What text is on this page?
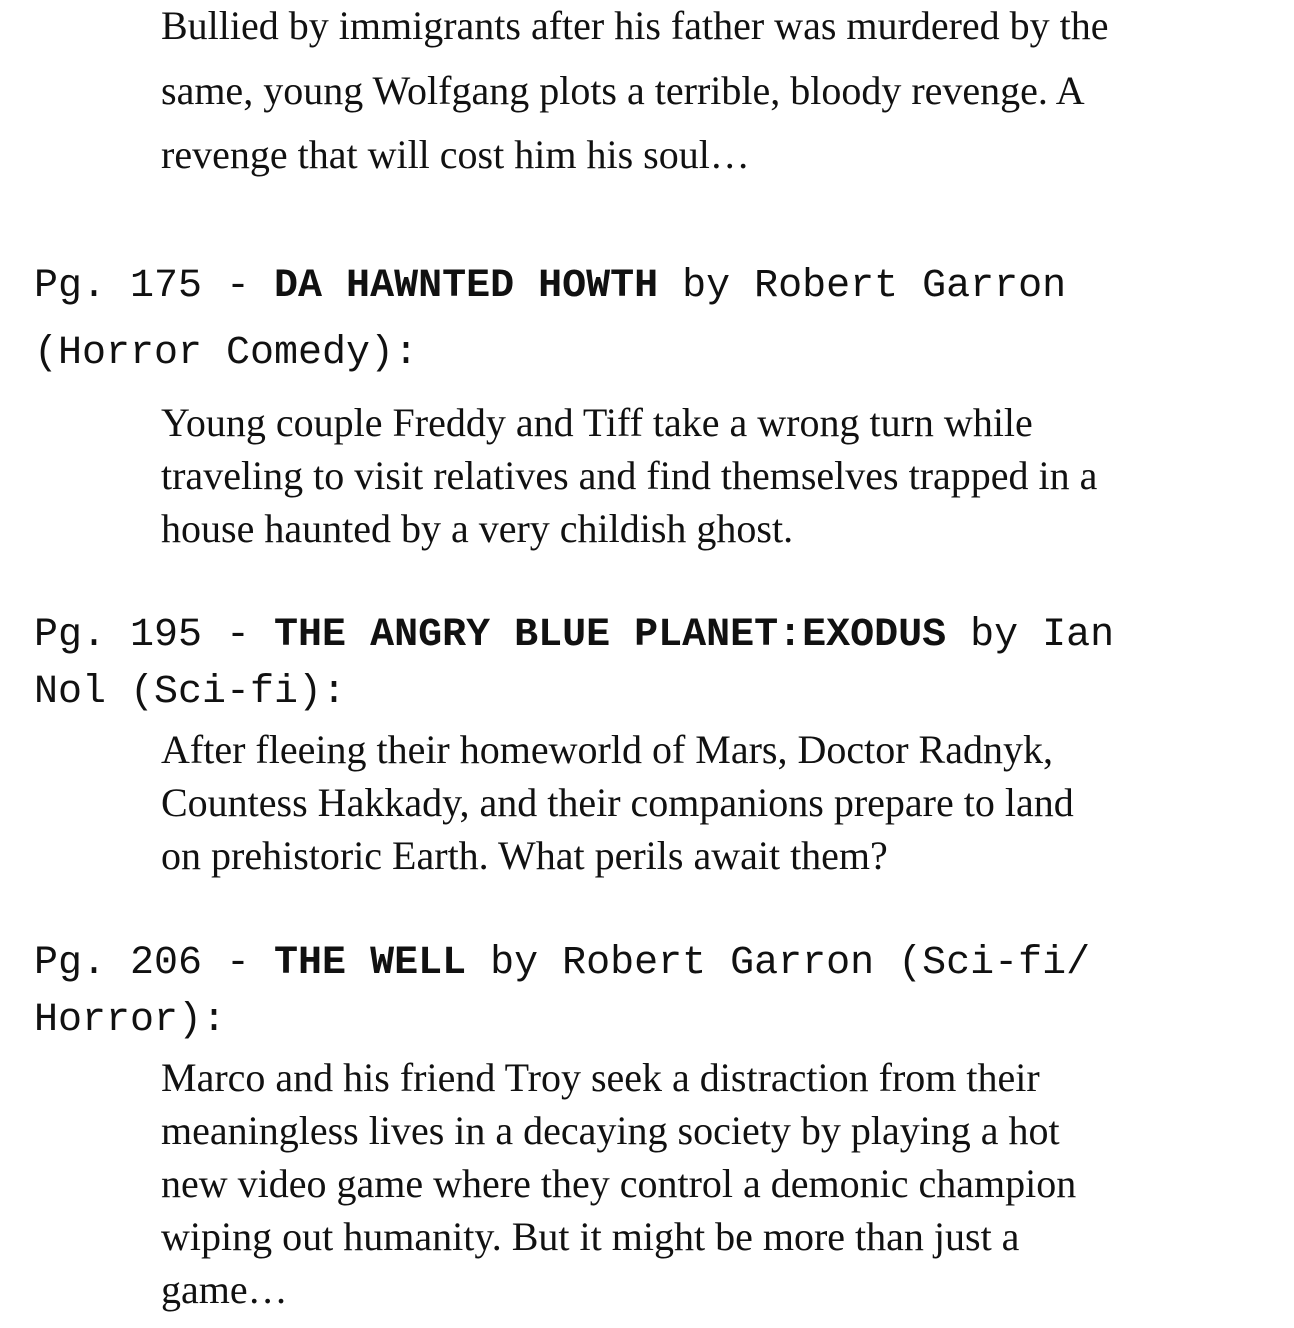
Bullied by immigrants after his father was murdered by the

same, young Wolfgang plots a terrible, bloody revenge. A

revenge that will cost him his soul…

Pg. 175 - DA HAWNTED HOWTH by Robert Garron

(Horror Comedy):

Young couple Freddy and Tiff take a wrong turn while

traveling to visit relatives and find themselves trapped in a

house haunted by a very childish ghost.

Pg. 195 - THE ANGRY BLUE PLANET:EXODUS by Ian

Nol (Sci-fi):

After fleeing their homeworld of Mars, Doctor Radnyk,

Countess Hakkady, and their companions prepare to land

on prehistoric Earth. What perils await them?

Pg. 206 - THE WELL by Robert Garron (Sci-fi/

Horror):

Marco and his friend Troy seek a distraction from their

meaningless lives in a decaying society by playing a hot

new video game where they control a demonic champion

wiping out humanity. But it might be more than just a

game…
